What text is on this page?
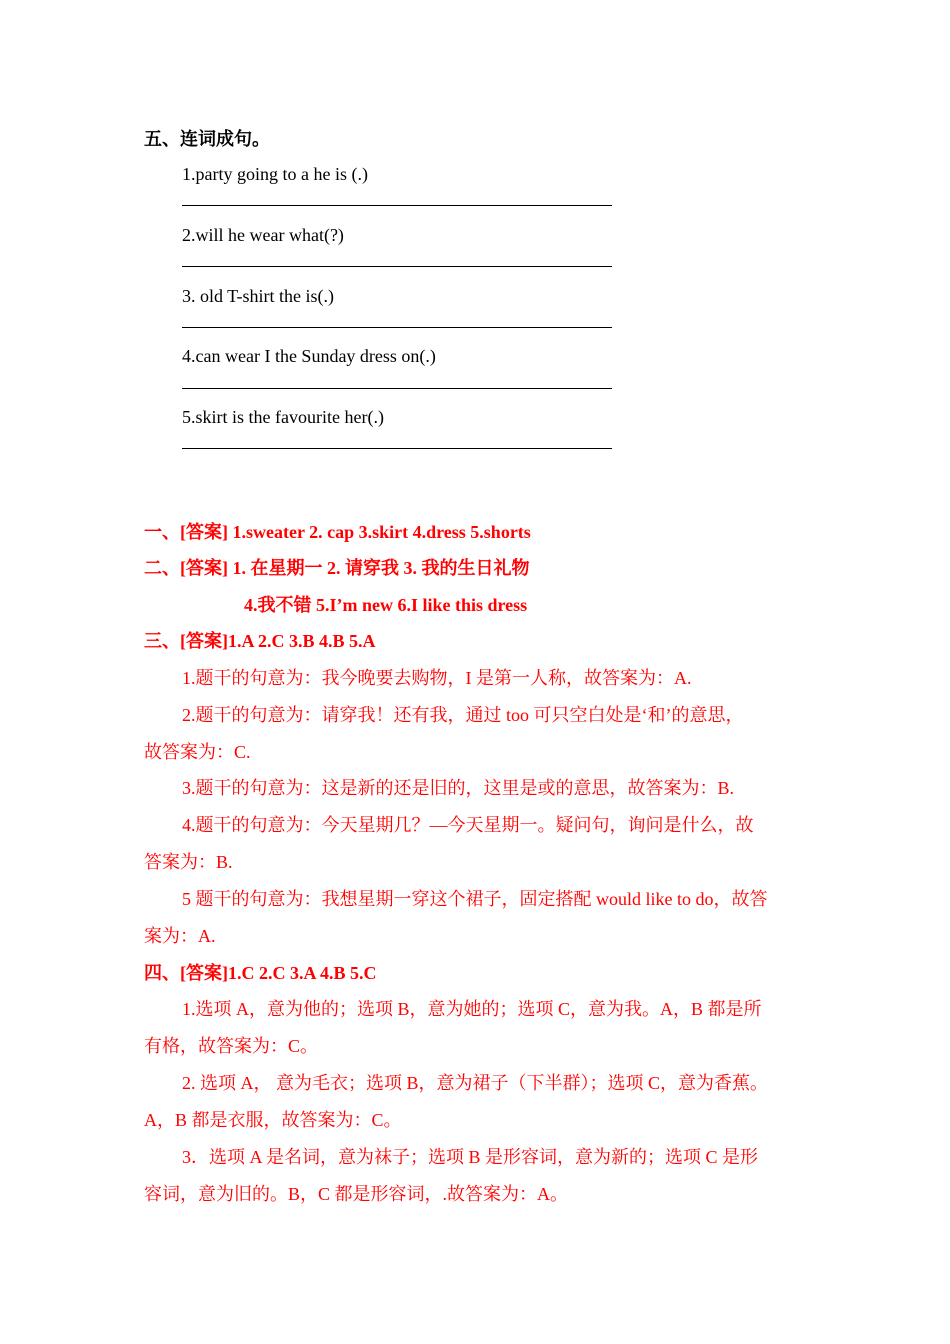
五、连词成句。
1.party going to a he is (.)
2.will he wear what(?)
3. old T-shirt the is(.)
4.can wear I the Sunday dress on(.)
5.skirt is the favourite her(.)
一、[答案] 1.sweater 2. cap 3.skirt 4.dress 5.shorts
二、[答案] 1. 在星期一 2. 请穿我 3. 我的生日礼物
4.我不错 5.I’m new 6.I like this dress
三、[答案]1.A 2.C 3.B 4.B 5.A
1.题干的句意为：我今晚要去购物，I 是第一人称，故答案为：A.
2.题干的句意为：请穿我！还有我，通过 too 可只空白处是‘和’的意思，
故答案为：C.
3.题干的句意为：这是新的还是旧的，这里是或的意思，故答案为：B.
4.题干的句意为：今天星期几？—今天星期一。疑问句，询问是什么，故
答案为：B.
5 题干的句意为：我想星期一穿这个裙子，固定搭配 would like to do，故答
案为：A.
四、[答案]1.C 2.C 3.A 4.B 5.C
1.选项 A，意为他的；选项 B，意为她的；选项 C，意为我。A，B 都是所
有格，故答案为：C。
2. 选项 A， 意为毛衣；选项 B，意为裙子（下半群）；选项 C，意为香蕉。
A，B 都是衣服，故答案为：C。
3．选项 A 是名词，意为袜子；选项 B 是形容词，意为新的；选项 C 是形
容词，意为旧的。B，C 都是形容词，.故答案为：A。
